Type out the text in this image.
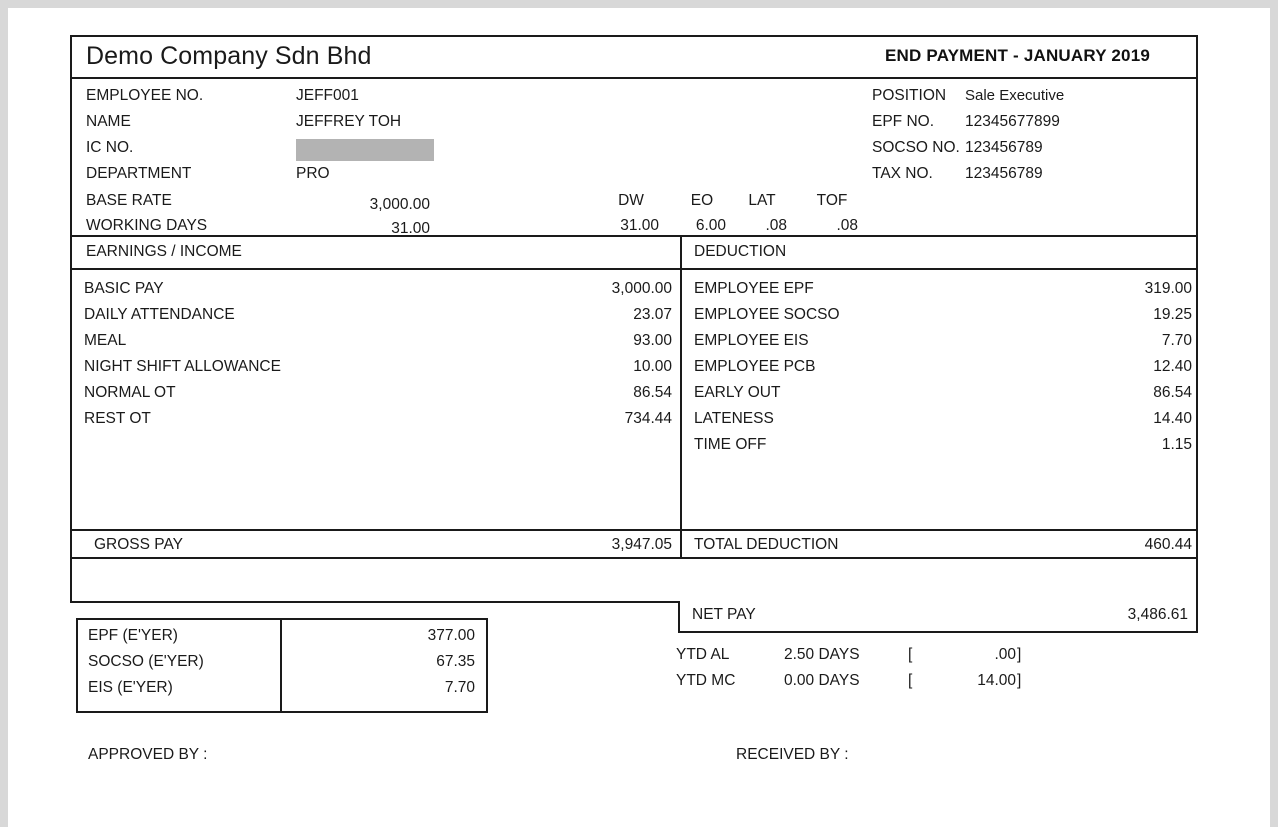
Demo Company Sdn Bhd	END PAYMENT - JANUARY 2019
EMPLOYEE NO.	JEFF001
NAME	JEFFREY TOH
IC NO.
DEPARTMENT	PRO
BASE RATE	3,000.00
WORKING DAYS	31.00
DW	EO	LAT	TOF
31.00	6.00	.08	.08
POSITION Sale Executive
EPF NO. 12345677899
SOCSO NO. 123456789
TAX NO. 123456789
EARNINGS / INCOME	DEDUCTION
BASIC PAY	3,000.00
DAILY ATTENDANCE	23.07
MEAL	93.00
NIGHT SHIFT ALLOWANCE	10.00
NORMAL OT	86.54
REST OT	734.44
EMPLOYEE EPF	319.00
EMPLOYEE SOCSO	19.25
EMPLOYEE EIS	7.70
EMPLOYEE PCB	12.40
EARLY OUT	86.54
LATENESS	14.40
TIME OFF	1.15
GROSS PAY	3,947.05 TOTAL DEDUCTION	460.44
NET PAY	3,486.61
EPF (E'YER)	377.00
SOCSO (E'YER)	67.35
EIS (E'YER)	7.70
YTD AL	2.50 DAYS	[	.00 ]
YTD MC	0.00 DAYS	[	14.00 ]
APPROVED BY :	RECEIVED BY :
